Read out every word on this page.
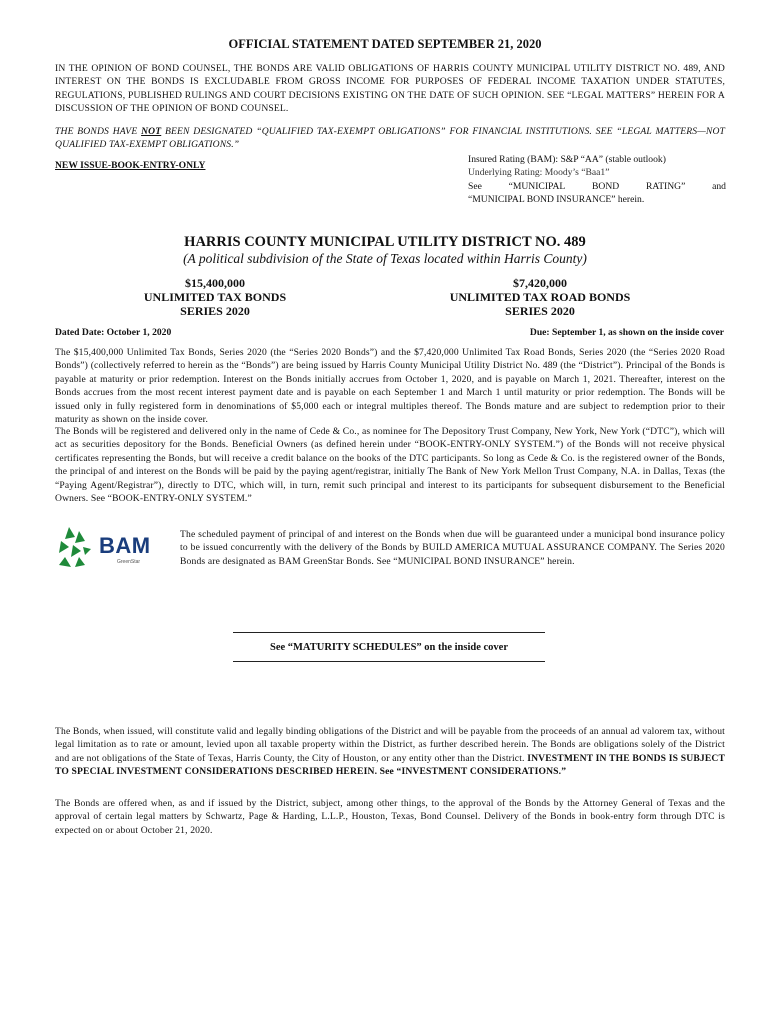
OFFICIAL STATEMENT DATED SEPTEMBER 21, 2020
IN THE OPINION OF BOND COUNSEL, THE BONDS ARE VALID OBLIGATIONS OF HARRIS COUNTY MUNICIPAL UTILITY DISTRICT NO. 489, AND INTEREST ON THE BONDS IS EXCLUDABLE FROM GROSS INCOME FOR PURPOSES OF FEDERAL INCOME TAXATION UNDER STATUTES, REGULATIONS, PUBLISHED RULINGS AND COURT DECISIONS EXISTING ON THE DATE OF SUCH OPINION. SEE “LEGAL MATTERS” HEREIN FOR A DISCUSSION OF THE OPINION OF BOND COUNSEL.
THE BONDS HAVE NOT BEEN DESIGNATED “QUALIFIED TAX-EXEMPT OBLIGATIONS” FOR FINANCIAL INSTITUTIONS. SEE “LEGAL MATTERS—NOT QUALIFIED TAX-EXEMPT OBLIGATIONS.”
NEW ISSUE-BOOK-ENTRY-ONLY
Insured Rating (BAM): S&P “AA” (stable outlook)
Underlying Rating: Moody’s “Baa1”
See	“MUNICIPAL	BOND	RATING”	and
“MUNICIPAL BOND INSURANCE” herein.
HARRIS COUNTY MUNICIPAL UTILITY DISTRICT NO. 489
(A political subdivision of the State of Texas located within Harris County)
$15,400,000
UNLIMITED TAX BONDS
SERIES 2020
$7,420,000
UNLIMITED TAX ROAD BONDS
SERIES 2020
Dated Date: October 1, 2020	Due: September 1, as shown on the inside cover
The $15,400,000 Unlimited Tax Bonds, Series 2020 (the “Series 2020 Bonds”) and the $7,420,000 Unlimited Tax Road Bonds, Series 2020 (the “Series 2020 Road Bonds”) (collectively referred to herein as the “Bonds”) are being issued by Harris County Municipal Utility District No. 489 (the “District”). Principal of the Bonds is payable at maturity or prior redemption. Interest on the Bonds initially accrues from October 1, 2020, and is payable on March 1, 2021. Thereafter, interest on the Bonds accrues from the most recent interest payment date and is payable on each September 1 and March 1 until maturity or prior redemption. The Bonds will be issued only in fully registered form in denominations of $5,000 each or integral multiples thereof. The Bonds mature and are subject to redemption prior to their maturity as shown on the inside cover.
The Bonds will be registered and delivered only in the name of Cede & Co., as nominee for The Depository Trust Company, New York, New York (“DTC”), which will act as securities depository for the Bonds. Beneficial Owners (as defined herein under “BOOK-ENTRY-ONLY SYSTEM.”) of the Bonds will not receive physical certificates representing the Bonds, but will receive a credit balance on the books of the DTC participants. So long as Cede & Co. is the registered owner of the Bonds, the principal of and interest on the Bonds will be paid by the paying agent/registrar, initially The Bank of New York Mellon Trust Company, N.A. in Dallas, Texas (the “Paying Agent/Registrar”), directly to DTC, which will, in turn, remit such principal and interest to its participants for subsequent disbursement to the Beneficial Owners. See “BOOK-ENTRY-ONLY SYSTEM.”
BAM
GreenStar
The scheduled payment of principal of and interest on the Bonds when due will be guaranteed under a municipal bond insurance policy to be issued concurrently with the delivery of the Bonds by BUILD AMERICA MUTUAL ASSURANCE COMPANY. The Series 2020 Bonds are designated as BAM GreenStar Bonds. See “MUNICIPAL BOND INSURANCE” herein.
See “MATURITY SCHEDULES” on the inside cover
The Bonds, when issued, will constitute valid and legally binding obligations of the District and will be payable from the proceeds of an annual ad valorem tax, without legal limitation as to rate or amount, levied upon all taxable property within the District, as further described herein. The Bonds are obligations solely of the District and are not obligations of the State of Texas, Harris County, the City of Houston, or any entity other than the District. INVESTMENT IN THE BONDS IS SUBJECT TO SPECIAL INVESTMENT CONSIDERATIONS DESCRIBED HEREIN. See “INVESTMENT CONSIDERATIONS.”
The Bonds are offered when, as and if issued by the District, subject, among other things, to the approval of the Bonds by the Attorney General of Texas and the approval of certain legal matters by Schwartz, Page & Harding, L.L.P., Houston, Texas, Bond Counsel. Delivery of the Bonds in book-entry form through DTC is expected on or about October 21, 2020.
